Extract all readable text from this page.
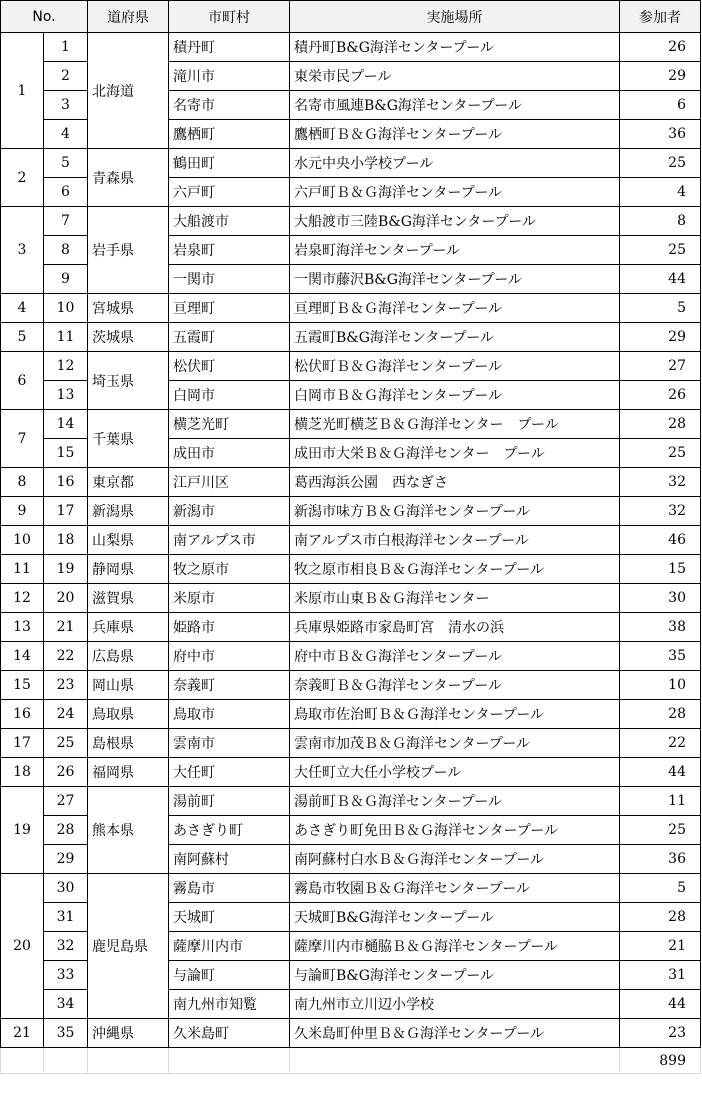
No.		道府県	市町村	実施場所	参加者
1	1	北海道	積丹町	積丹町B&G海洋センタープール	26
	2		滝川市	東栄市民プール	29
	3		名寄市	名寄市風連B&G海洋センタープール	6
	4		鷹栖町	鷹栖町Ｂ＆Ｇ海洋センタープール	36
2	5	青森県	鶴田町	水元中央小学校プール	25
	6		六戸町	六戸町Ｂ＆Ｇ海洋センタープール	4
3	7	岩手県	大船渡市	大船渡市三陸B&G海洋センタープール	8
	8		岩泉町	岩泉町海洋センタープール	25
	9		一関市	一関市藤沢B&G海洋センタープール	44
4	10	宮城県	亘理町	亘理町Ｂ＆Ｇ海洋センタープール	5
5	11	茨城県	五霞町	五霞町B&G海洋センタープール	29
6	12	埼玉県	松伏町	松伏町Ｂ＆Ｇ海洋センタープール	27
	13		白岡市	白岡市Ｂ＆Ｇ海洋センタープール	26
7	14	千葉県	横芝光町	横芝光町横芝Ｂ＆Ｇ海洋センター　プール	28
	15		成田市	成田市大栄Ｂ＆Ｇ海洋センター　プール	25
8	16	東京都	江戸川区	葛西海浜公園　西なぎさ	32
9	17	新潟県	新潟市	新潟市味方Ｂ＆Ｇ海洋センタープール	32
10	18	山梨県	南アルプス市	南アルプス市白根海洋センタープール	46
11	19	静岡県	牧之原市	牧之原市相良Ｂ＆Ｇ海洋センタープール	15
12	20	滋賀県	米原市	米原市山東Ｂ＆Ｇ海洋センター	30
13	21	兵庫県	姫路市	兵庫県姫路市家島町宮　清水の浜	38
14	22	広島県	府中市	府中市Ｂ＆Ｇ海洋センタープール	35
15	23	岡山県	奈義町	奈義町Ｂ＆Ｇ海洋センタープール	10
16	24	鳥取県	鳥取市	鳥取市佐治町Ｂ＆Ｇ海洋センタープール	28
17	25	島根県	雲南市	雲南市加茂Ｂ＆Ｇ海洋センタープール	22
18	26	福岡県	大任町	大任町立大任小学校プール	44
19	27	熊本県	湯前町	湯前町Ｂ＆Ｇ海洋センタープール	11
	28		あさぎり町	あさぎり町免田Ｂ＆Ｇ海洋センタープール	25
	29		南阿蘇村	南阿蘇村白水Ｂ＆Ｇ海洋センタープール	36
20	30	鹿児島県	霧島市	霧島市牧園Ｂ＆Ｇ海洋センタープール	5
	31		天城町	天城町B&G海洋センタープール	28
	32		薩摩川内市	薩摩川内市樋脇Ｂ＆Ｇ海洋センタープール	21
	33		与論町	与論町B&G海洋センタープール	31
	34		南九州市知覧	南九州市立川辺小学校	44
21	35	沖縄県	久米島町	久米島町仲里Ｂ＆Ｇ海洋センタープール	23
					899
